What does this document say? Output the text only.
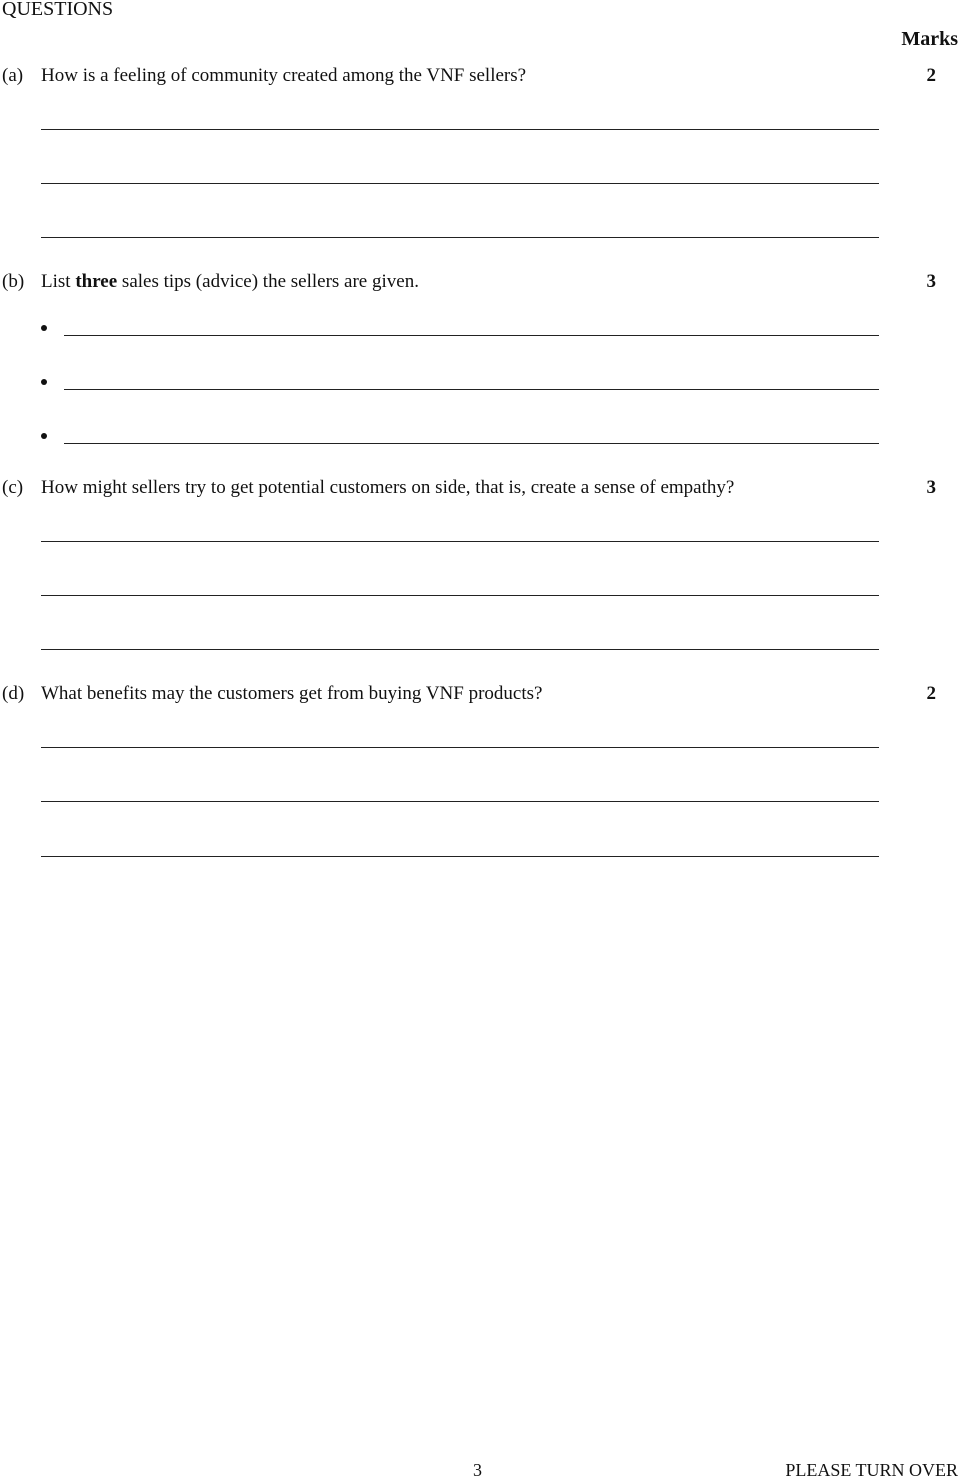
QUESTIONS
Marks
(a) How is a feeling of community created among the VNF sellers?	2
(b) List three sales tips (advice) the sellers are given.	3
(c) How might sellers try to get potential customers on side, that is, create a sense of empathy?	3
(d) What benefits may the customers get from buying VNF products?	2
3	PLEASE TURN OVER
